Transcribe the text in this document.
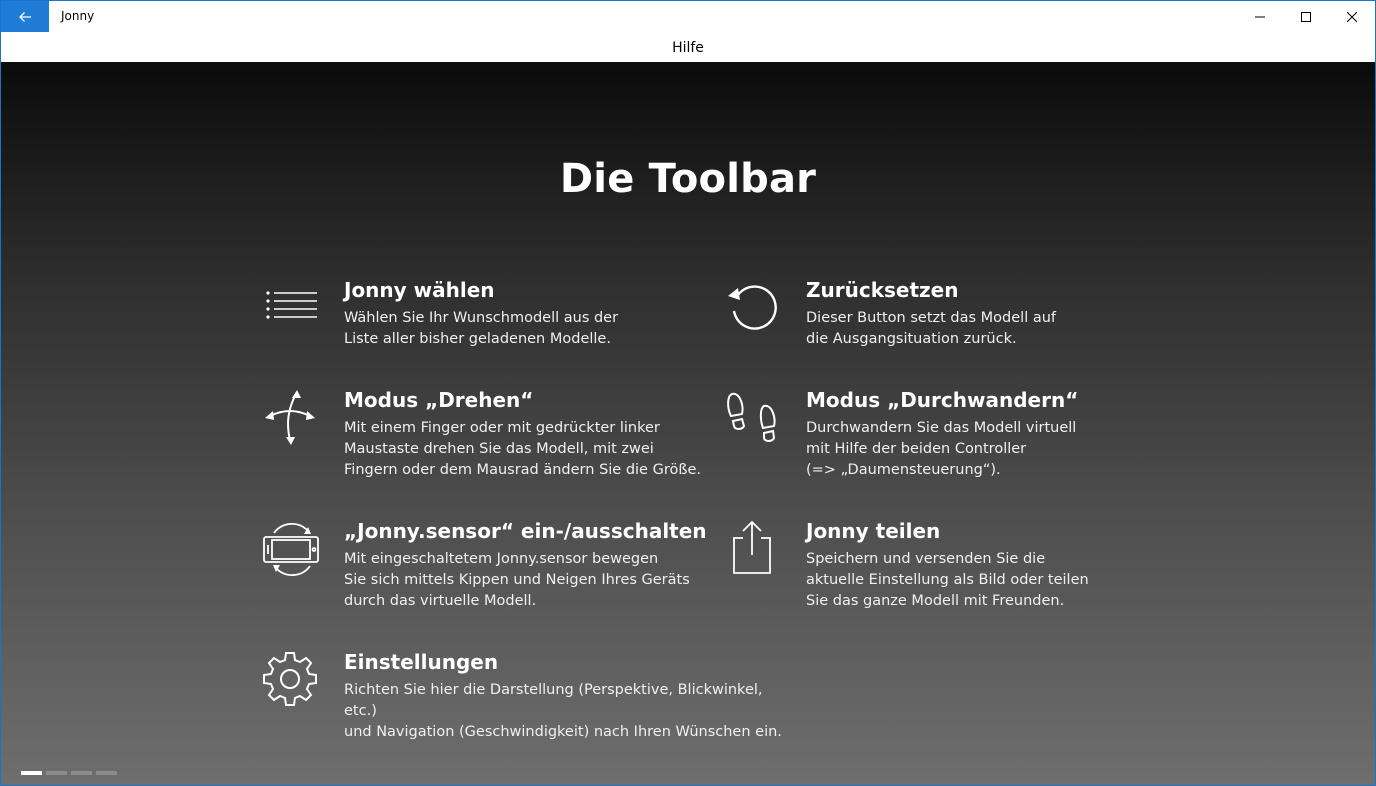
Jonny
Hilfe
Die Toolbar
Jonny wählen
Wählen Sie Ihr Wunschmodell aus der
Liste aller bisher geladenen Modelle.
Zurücksetzen
Dieser Button setzt das Modell auf
die Ausgangsituation zurück.
Modus „Drehen“
Mit einem Finger oder mit gedrückter linker
Maustaste drehen Sie das Modell, mit zwei
Fingern oder dem Mausrad ändern Sie die Größe.
Modus „Durchwandern“
Durchwandern Sie das Modell virtuell
mit Hilfe der beiden Controller
(=> „Daumensteuerung“).
„Jonny.sensor“ ein-/ausschalten
Mit eingeschaltetem Jonny.sensor bewegen
Sie sich mittels Kippen und Neigen Ihres Geräts
durch das virtuelle Modell.
Jonny teilen
Speichern und versenden Sie die
aktuelle Einstellung als Bild oder teilen
Sie das ganze Modell mit Freunden.
Einstellungen
Richten Sie hier die Darstellung (Perspektive, Blickwinkel, etc.)
und Navigation (Geschwindigkeit) nach Ihren Wünschen ein.
